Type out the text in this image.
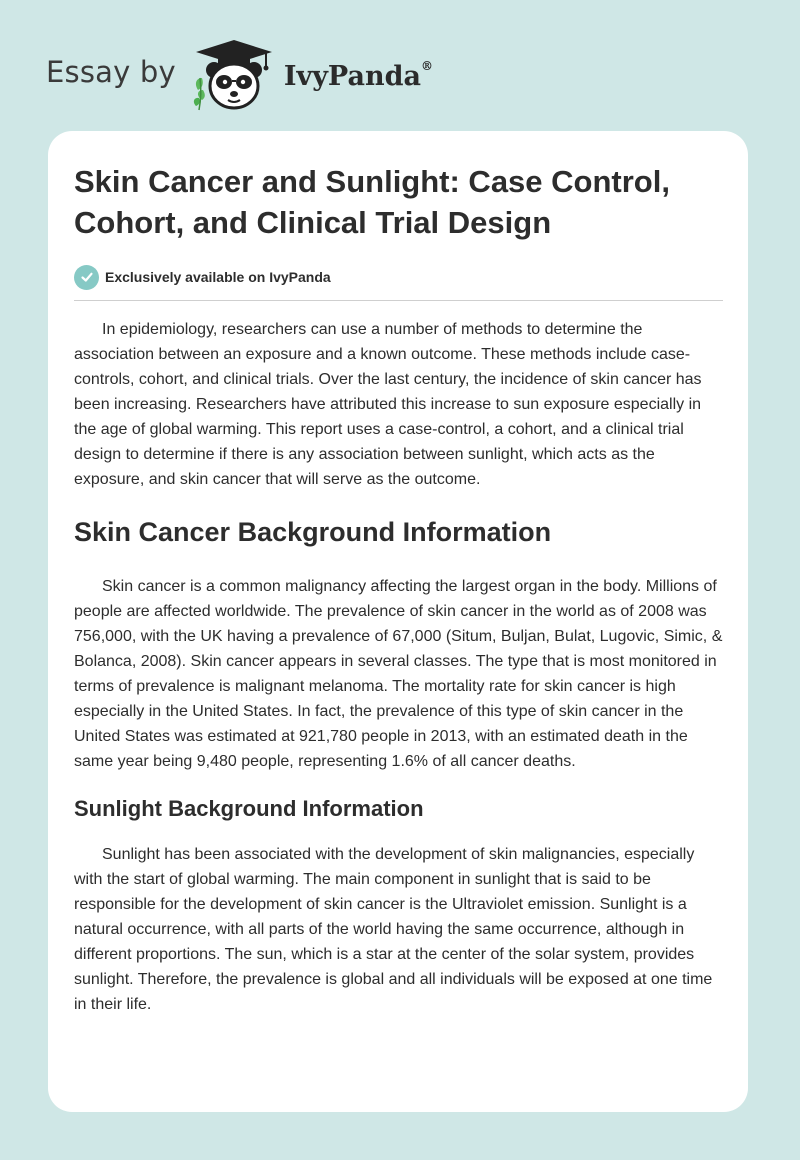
Essay by	IvyPanda®
Skin Cancer and Sunlight: Case Control, Cohort, and Clinical Trial Design
Exclusively available on IvyPanda

In epidemiology, researchers can use a number of methods to determine the association between an exposure and a known outcome. These methods include case-controls, cohort, and clinical trials. Over the last century, the incidence of skin cancer has been increasing. Researchers have attributed this increase to sun exposure especially in the age of global warming. This report uses a case-control, a cohort, and a clinical trial design to determine if there is any association between sunlight, which acts as the exposure, and skin cancer that will serve as the outcome.

Skin Cancer Background Information

Skin cancer is a common malignancy affecting the largest organ in the body. Millions of people are affected worldwide. The prevalence of skin cancer in the world as of 2008 was 756,000, with the UK having a prevalence of 67,000 (Situm, Buljan, Bulat, Lugovic, Simic, & Bolanca, 2008). Skin cancer appears in several classes. The type that is most monitored in terms of prevalence is malignant melanoma. The mortality rate for skin cancer is high especially in the United States. In fact, the prevalence of this type of skin cancer in the United States was estimated at 921,780 people in 2013, with an estimated death in the same year being 9,480 people, representing 1.6% of all cancer deaths.

Sunlight Background Information

Sunlight has been associated with the development of skin malignancies, especially with the start of global warming. The main component in sunlight that is said to be responsible for the development of skin cancer is the Ultraviolet emission. Sunlight is a natural occurrence, with all parts of the world having the same occurrence, although in different proportions. The sun, which is a star at the center of the solar system, provides sunlight. Therefore, the prevalence is global and all individuals will be exposed at one time in their life.
